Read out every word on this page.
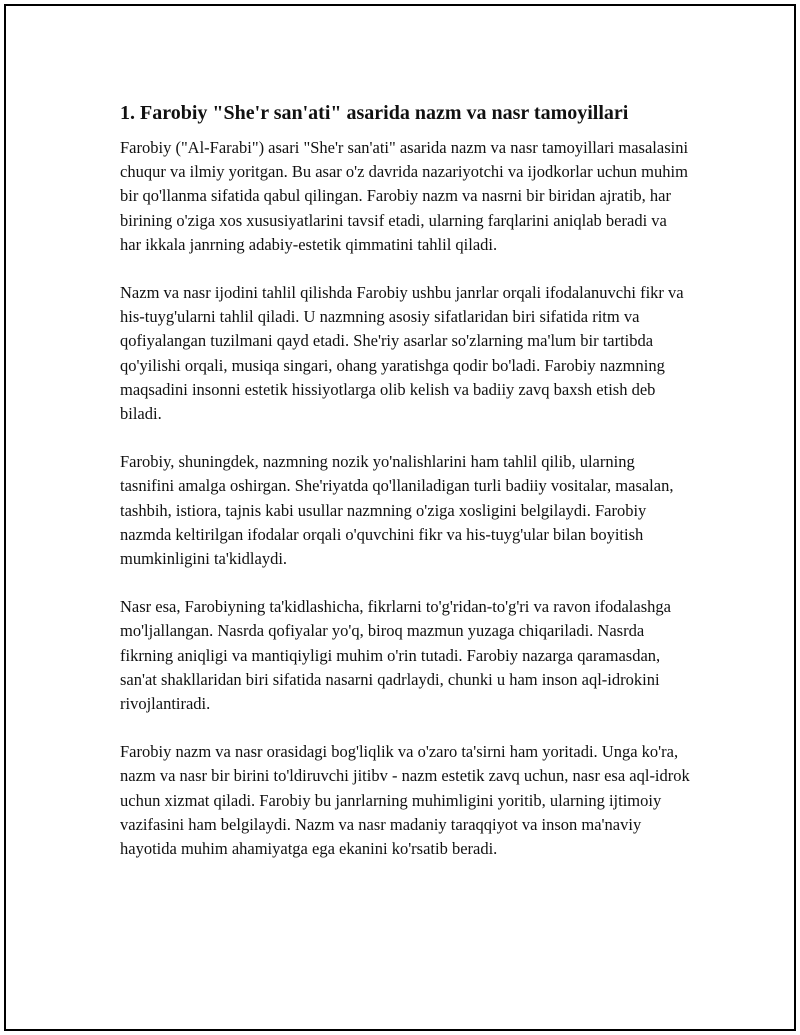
1. Farobiy "She'r san'ati" asarida nazm va nasr tamoyillari

Farobiy ("Al-Farabi") asari "She'r san'ati" asarida nazm va nasr tamoyillari masalasini chuqur va ilmiy yoritgan. Bu asar o'z davrida nazariyotchi va ijodkorlar uchun muhim bir qo'llanma sifatida qabul qilingan. Farobiy nazm va nasrni bir biridan ajratib, har birining o'ziga xos xususiyatlarini tavsif etadi, ularning farqlarini aniqlab beradi va har ikkala janrning adabiy-estetik qimmatini tahlil qiladi.

Nazm va nasr ijodini tahlil qilishda Farobiy ushbu janrlar orqali ifodalanuvchi fikr va his-tuyg'ularni tahlil qiladi. U nazmning asosiy sifatlaridan biri sifatida ritm va qofiyalangan tuzilmani qayd etadi. She'riy asarlar so'zlarning ma'lum bir tartibda qo'yilishi orqali, musiqa singari, ohang yaratishga qodir bo'ladi. Farobiy nazmning maqsadini insonni estetik hissiyotlarga olib kelish va badiiy zavq baxsh etish deb biladi.

Farobiy, shuningdek, nazmning nozik yo'nalishlarini ham tahlil qilib, ularning tasnifini amalga oshirgan. She'riyatda qo'llaniladigan turli badiiy vositalar, masalan, tashbih, istiora, tajnis kabi usullar nazmning o'ziga xosligini belgilaydi. Farobiy nazmda keltirilgan ifodalar orqali o'quvchini fikr va his-tuyg'ular bilan boyitish mumkinligini ta'kidlaydi.

Nasr esa, Farobiyning ta'kidlashicha, fikrlarni to'g'ridan-to'g'ri va ravon ifodalashga mo'ljallangan. Nasrda qofiyalar yo'q, biroq mazmun yuzaga chiqariladi. Nasrda fikrning aniqligi va mantiqiyligi muhim o'rin tutadi. Farobiy nazarga qaramasdan, san'at shakllaridan biri sifatida nasarni qadrlaydi, chunki u ham inson aql-idrokini rivojlantiradi.

Farobiy nazm va nasr orasidagi bog'liqlik va o'zaro ta'sirni ham yoritadi. Unga ko'ra, nazm va nasr bir birini to'ldiruvchi jitibv - nazm estetik zavq uchun, nasr esa aql-idrok uchun xizmat qiladi. Farobiy bu janrlarning muhimligini yoritib, ularning ijtimoiy vazifasini ham belgilaydi. Nazm va nasr madaniy taraqqiyot va inson ma'naviy hayotida muhim ahamiyatga ega ekanini ko'rsatib beradi.
